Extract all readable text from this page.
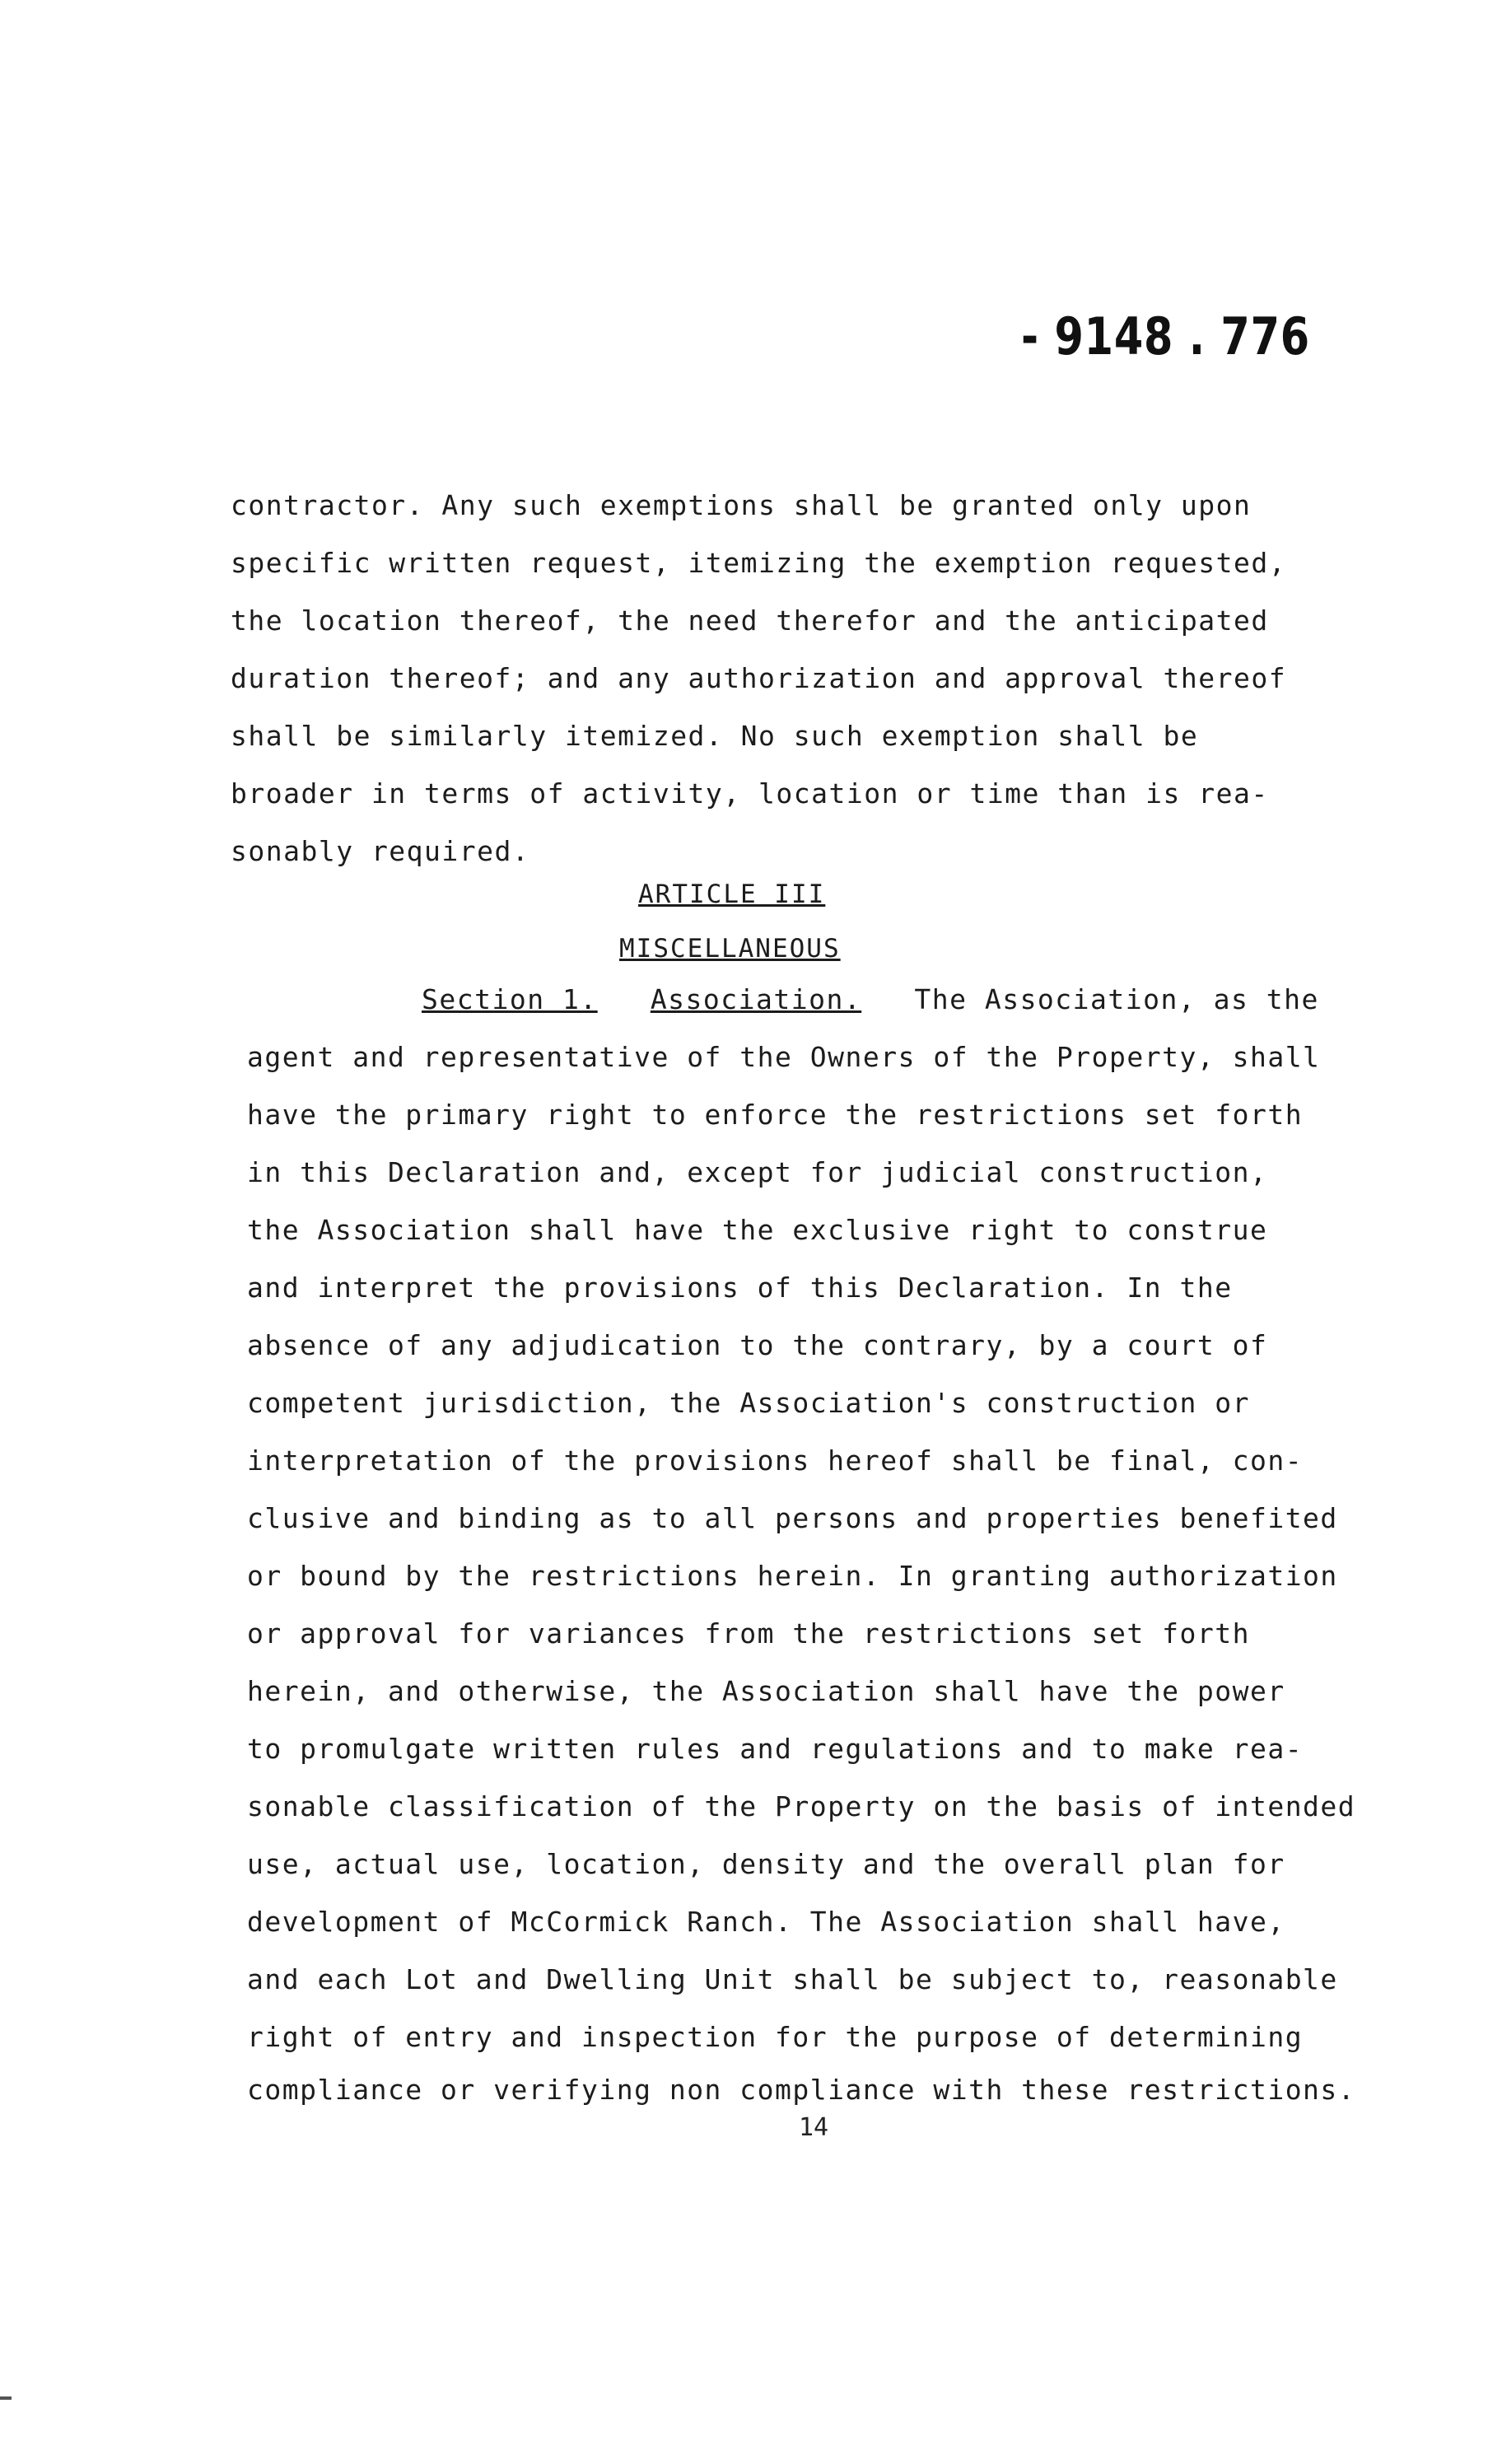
- 9148 . 776
contractor. Any such exemptions shall be granted only upon
specific written request, itemizing the exemption requested,
the location thereof, the need therefor and the anticipated
duration thereof; and any authorization and approval thereof
shall be similarly itemized. No such exemption shall be
broader in terms of activity, location or time than is rea-
sonably required.
ARTICLE III
MISCELLANEOUS
Section 1. Association. The Association, as the
agent and representative of the Owners of the Property, shall
have the primary right to enforce the restrictions set forth
in this Declaration and, except for judicial construction,
the Association shall have the exclusive right to construe
and interpret the provisions of this Declaration. In the
absence of any adjudication to the contrary, by a court of
competent jurisdiction, the Association's construction or
interpretation of the provisions hereof shall be final, con-
clusive and binding as to all persons and properties benefited
or bound by the restrictions herein. In granting authorization
or approval for variances from the restrictions set forth
herein, and otherwise, the Association shall have the power
to promulgate written rules and regulations and to make rea-
sonable classification of the Property on the basis of intended
use, actual use, location, density and the overall plan for
development of McCormick Ranch. The Association shall have,
and each Lot and Dwelling Unit shall be subject to, reasonable
right of entry and inspection for the purpose of determining
compliance or verifying non compliance with these restrictions.
14
